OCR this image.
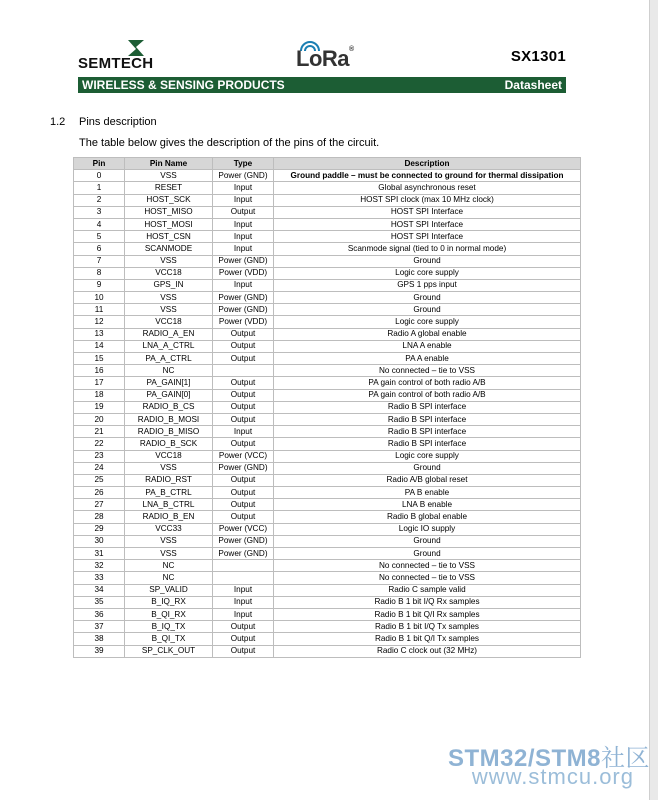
SEMTECH	LoRa®	SX1301
WIRELESS & SENSING PRODUCTS	Datasheet
1.2 Pins description
The table below gives the description of the pins of the circuit.
Pin	Pin Name	Type	Description
0	VSS	Power (GND)	Ground paddle – must be connected to ground for thermal dissipation
1	RESET	Input	Global asynchronous reset
2	HOST_SCK	Input	HOST SPI clock (max 10 MHz clock)
3	HOST_MISO	Output	HOST SPI Interface
4	HOST_MOSI	Input	HOST SPI Interface
5	HOST_CSN	Input	HOST SPI Interface
6	SCANMODE	Input	Scanmode signal (tied to 0 in normal mode)
7	VSS	Power (GND)	Ground
8	VCC18	Power (VDD)	Logic core supply
9	GPS_IN	Input	GPS 1 pps input
10	VSS	Power (GND)	Ground
11	VSS	Power (GND)	Ground
12	VCC18	Power (VDD)	Logic core supply
13	RADIO_A_EN	Output	Radio A global enable
14	LNA_A_CTRL	Output	LNA A enable
15	PA_A_CTRL	Output	PA A enable
16	NC		No connected – tie to VSS
17	PA_GAIN[1]	Output	PA gain control of both radio A/B
18	PA_GAIN[0]	Output	PA gain control of both radio A/B
19	RADIO_B_CS	Output	Radio B SPI interface
20	RADIO_B_MOSI	Output	Radio B SPI interface
21	RADIO_B_MISO	Input	Radio B SPI interface
22	RADIO_B_SCK	Output	Radio B SPI interface
23	VCC18	Power (VCC)	Logic core supply
24	VSS	Power (GND)	Ground
25	RADIO_RST	Output	Radio A/B global reset
26	PA_B_CTRL	Output	PA B enable
27	LNA_B_CTRL	Output	LNA B enable
28	RADIO_B_EN	Output	Radio B global enable
29	VCC33	Power (VCC)	Logic IO supply
30	VSS	Power (GND)	Ground
31	VSS	Power (GND)	Ground
32	NC		No connected – tie to VSS
33	NC		No connected – tie to VSS
34	SP_VALID	Input	Radio C sample valid
35	B_IQ_RX	Input	Radio B 1 bit I/Q Rx samples
36	B_QI_RX	Input	Radio B 1 bit Q/I Rx samples
37	B_IQ_TX	Output	Radio B 1 bit I/Q Tx samples
38	B_QI_TX	Output	Radio B 1 bit Q/I Tx samples
39	SP_CLK_OUT	Output	Radio C clock out (32 MHz)
STM32/STM8社区
www.stmcu.org
